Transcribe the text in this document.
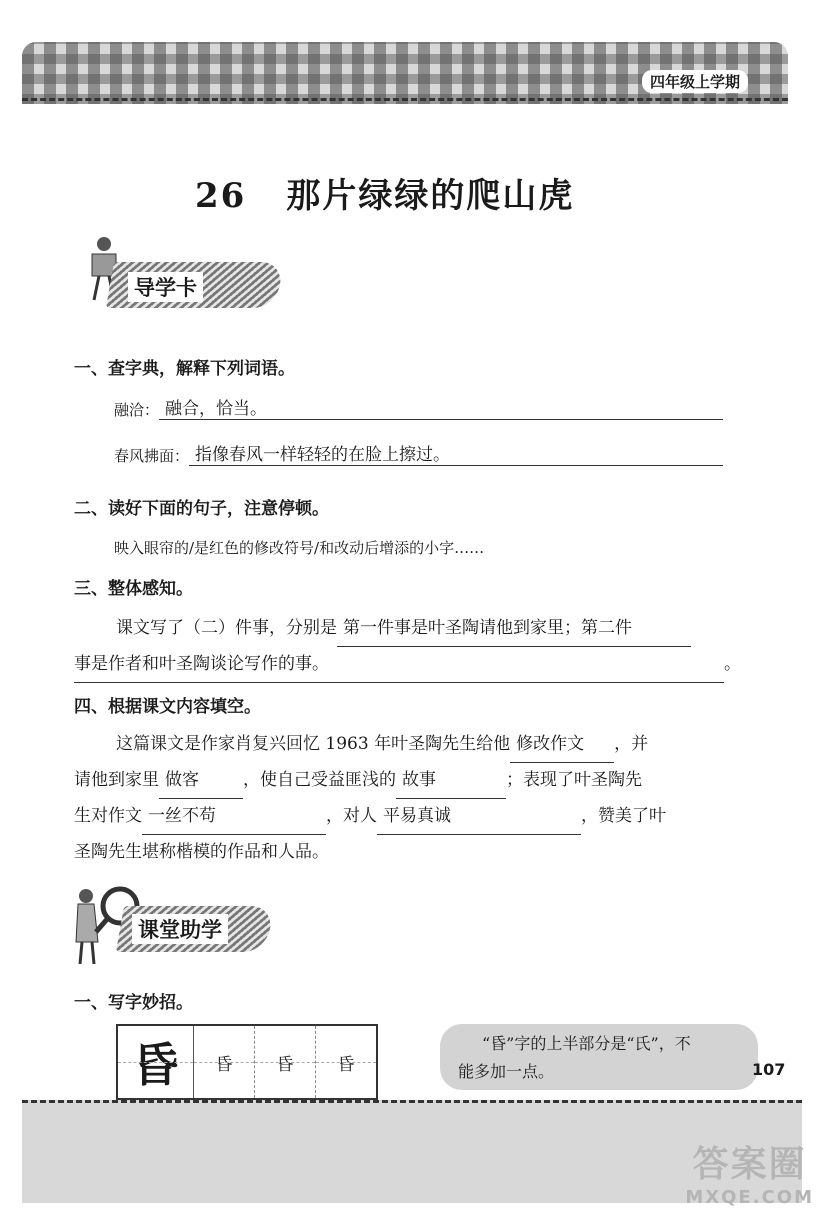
四年级上学期
26 那片绿绿的爬山虎
导学卡
一、查字典，解释下列词语。
融洽： 融合，恰当。
春风拂面： 指像春风一样轻轻的在脸上擦过。
二、读好下面的句子，注意停顿。
映入眼帘的/是红色的修改符号/和改动后增添的小字……
三、整体感知。
课文写了（二）件事，分别是 第一件事是叶圣陶请他到家里；第二件
事是作者和叶圣陶谈论写作的事。	。
四、根据课文内容填空。
这篇课文是作家肖复兴回忆 1963 年叶圣陶先生给他 修改作文 ，并
请他到家里 做客	，使自己受益匪浅的 故事	；表现了叶圣陶先
生对作文 一丝不苟	，对人 平易真诚	，赞美了叶
圣陶先生堪称楷模的作品和人品。
课堂助学
一、写字妙招。
昏	昏	昏	昏
“昏”字的上半部分是“氏”，不
能多加一点。	107
答案圈
MXQE.COM
